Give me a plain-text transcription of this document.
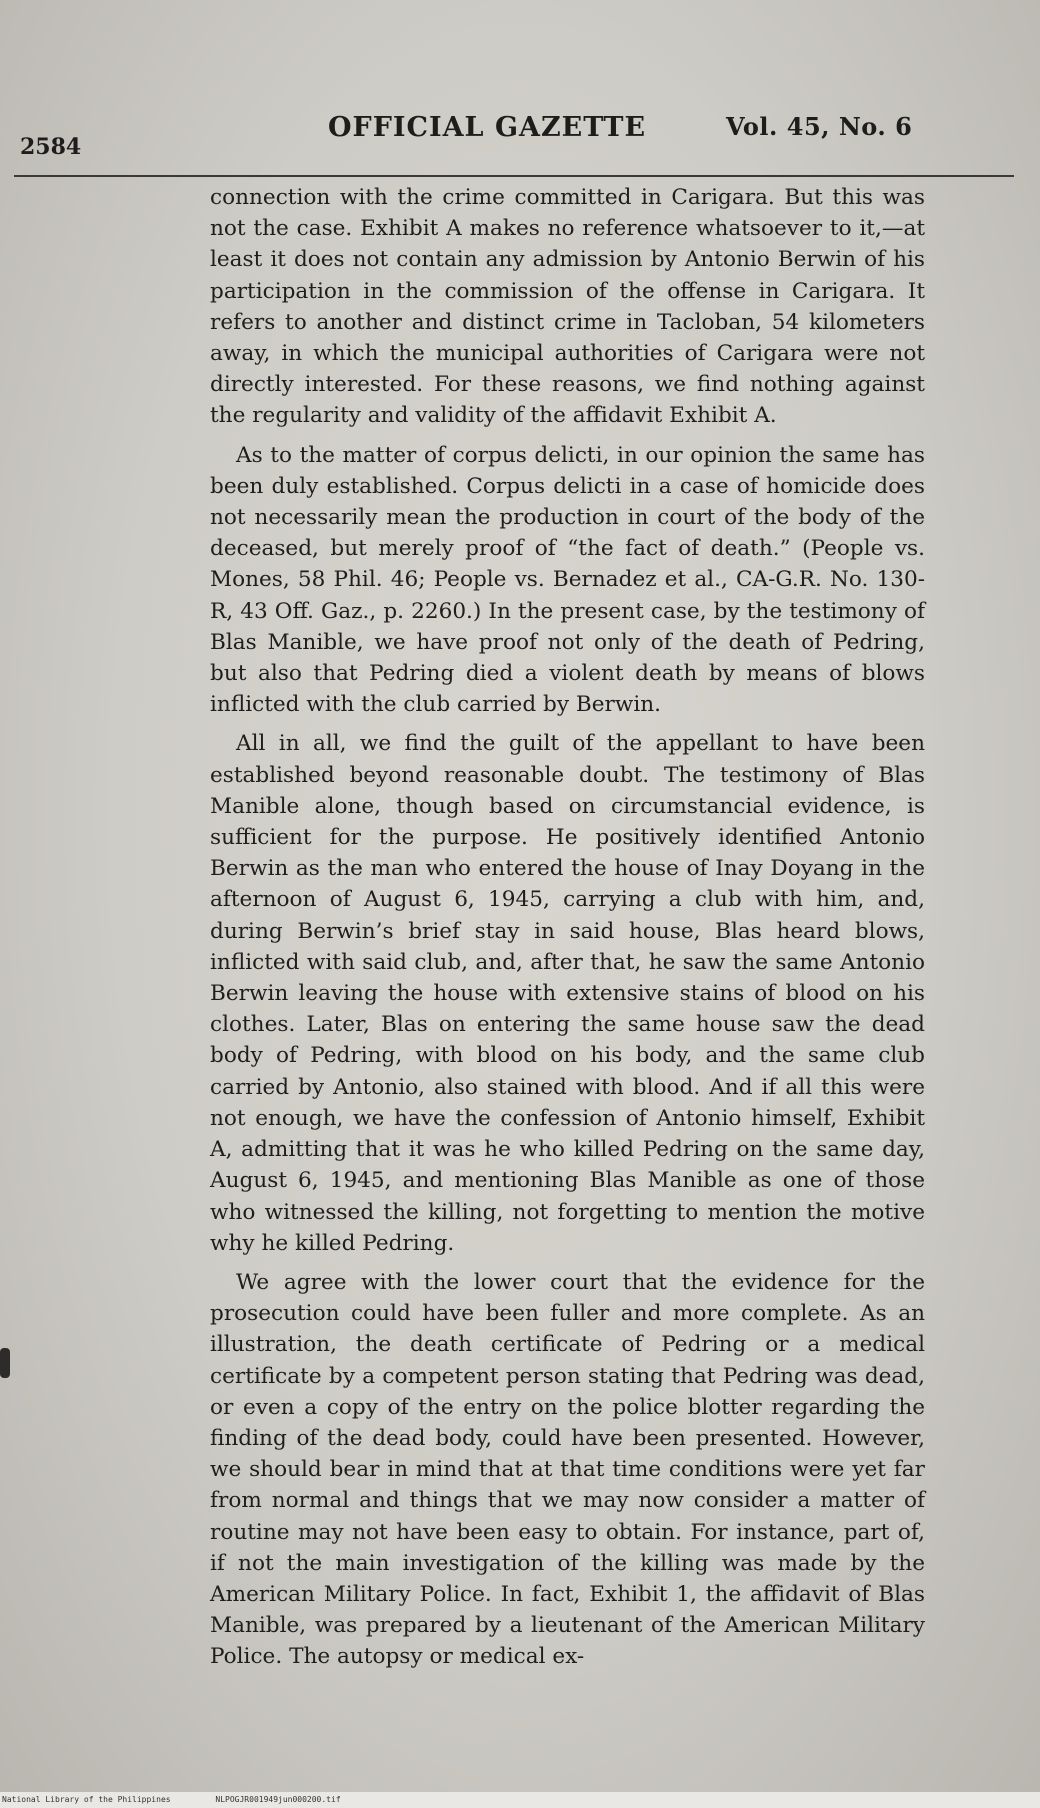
2584
OFFICIAL GAZETTE	Vol. 45, No. 6

connection with the crime committed in Carigara. But this was not the case. Exhibit A makes no reference whatsoever to it,—at least it does not contain any admission by Antonio Berwin of his participation in the commission of the offense in Carigara. It refers to another and distinct crime in Tacloban, 54 kilometers away, in which the municipal authorities of Carigara were not directly interested. For these reasons, we find nothing against the regularity and validity of the affidavit Exhibit A.

As to the matter of corpus delicti, in our opinion the same has been duly established. Corpus delicti in a case of homicide does not necessarily mean the production in court of the body of the deceased, but merely proof of “the fact of death.” (People vs. Mones, 58 Phil. 46; People vs. Bernadez et al., CA-G.R. No. 130-R, 43 Off. Gaz., p. 2260.) In the present case, by the testimony of Blas Manible, we have proof not only of the death of Pedring, but also that Pedring died a violent death by means of blows inflicted with the club carried by Berwin.

All in all, we find the guilt of the appellant to have been established beyond reasonable doubt. The testimony of Blas Manible alone, though based on circumstancial evidence, is sufficient for the purpose. He positively identified Antonio Berwin as the man who entered the house of Inay Doyang in the afternoon of August 6, 1945, carrying a club with him, and, during Berwin’s brief stay in said house, Blas heard blows, inflicted with said club, and, after that, he saw the same Antonio Berwin leaving the house with extensive stains of blood on his clothes. Later, Blas on entering the same house saw the dead body of Pedring, with blood on his body, and the same club carried by Antonio, also stained with blood. And if all this were not enough, we have the confession of Antonio himself, Exhibit A, admitting that it was he who killed Pedring on the same day, August 6, 1945, and mentioning Blas Manible as one of those who witnessed the killing, not forgetting to mention the motive why he killed Pedring.

We agree with the lower court that the evidence for the prosecution could have been fuller and more complete. As an illustration, the death certificate of Pedring or a medical certificate by a competent person stating that Pedring was dead, or even a copy of the entry on the police blotter regarding the finding of the dead body, could have been presented. However, we should bear in mind that at that time conditions were yet far from normal and things that we may now consider a matter of routine may not have been easy to obtain. For instance, part of, if not the main investigation of the killing was made by the American Military Police. In fact, Exhibit 1, the affidavit of Blas Manible, was prepared by a lieutenant of the American Military Police. The autopsy or medical ex-

National Library of the Philippines	NLPOGJR001949jun000200.tif
